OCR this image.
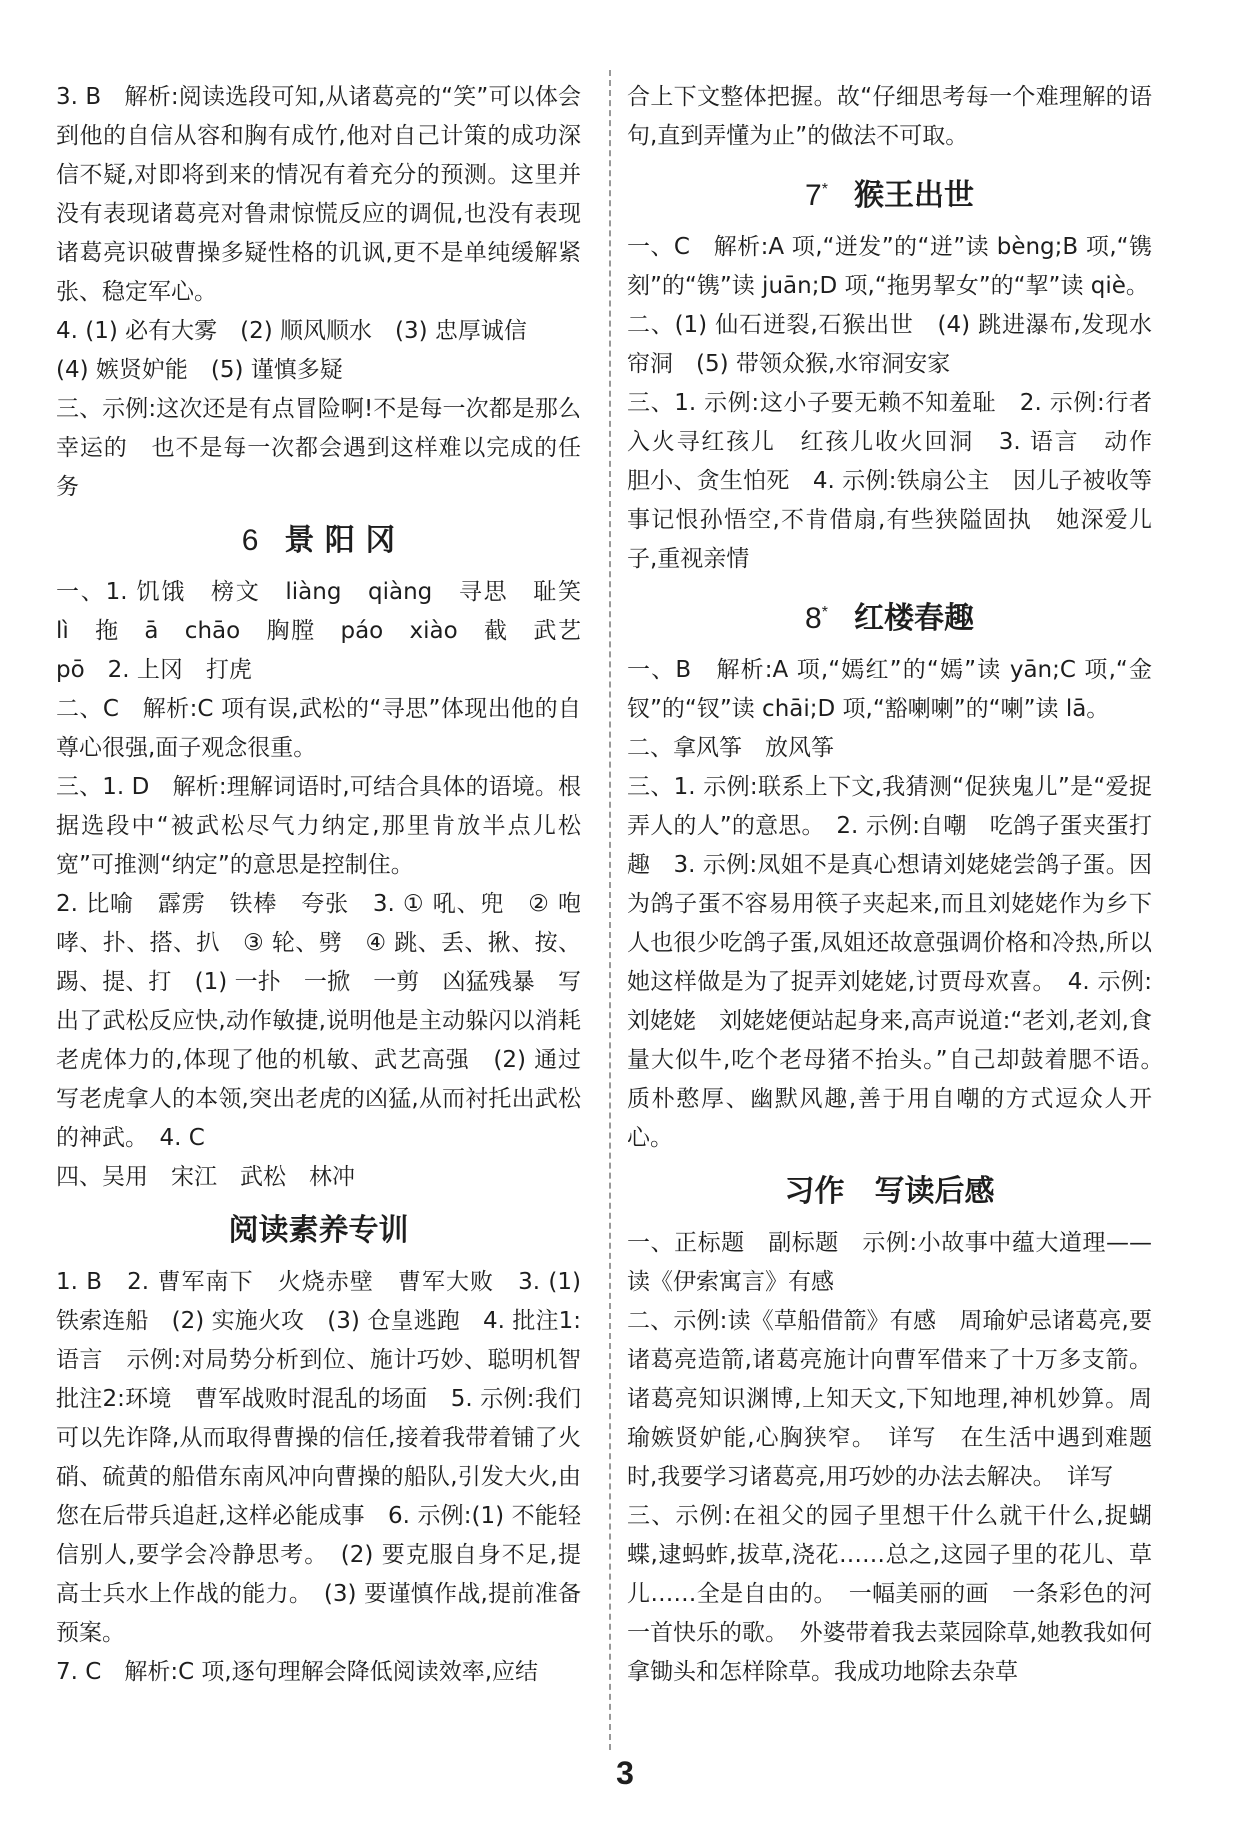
3. B　解析:阅读选段可知,从诸葛亮的“笑”可以体会到他的自信从容和胸有成竹,他对自己计策的成功深信不疑,对即将到来的情况有着充分的预测。这里并没有表现诸葛亮对鲁肃惊慌反应的调侃,也没有表现诸葛亮识破曹操多疑性格的讥讽,更不是单纯缓解紧张、稳定军心。

4. (1) 必有大雾　(2) 顺风顺水　(3) 忠厚诚信

(4) 嫉贤妒能　(5) 谨慎多疑

三、示例:这次还是有点冒险啊!不是每一次都是那么幸运的　也不是每一次都会遇到这样难以完成的任务

6 景 阳 冈

一、1. 饥饿　榜文　liàng　qiàng　寻思　耻笑　lì　拖　ā　chāo　胸膛　páo　xiào　截　武艺　pō　2. 上冈　打虎

二、C　解析:C 项有误,武松的“寻思”体现出他的自尊心很强,面子观念很重。

三、1. D　解析:理解词语时,可结合具体的语境。根据选段中“被武松尽气力纳定,那里肯放半点儿松宽”可推测“纳定”的意思是控制住。

2. 比喻　霹雳　铁棒　夸张　3. ① 吼、兜　② 咆哮、扑、搭、扒　③ 轮、劈　④ 跳、丢、揪、按、踢、提、打　(1) 一扑　一掀　一剪　凶猛残暴　写出了武松反应快,动作敏捷,说明他是主动躲闪以消耗老虎体力的,体现了他的机敏、武艺高强　(2) 通过写老虎拿人的本领,突出老虎的凶猛,从而衬托出武松的神武。　4. C

四、吴用　宋江　武松　林冲

阅读素养专训

1. B　2. 曹军南下　火烧赤壁　曹军大败　3. (1) 铁索连船　(2) 实施火攻　(3) 仓皇逃跑　4. 批注1:语言　示例:对局势分析到位、施计巧妙、聪明机智　批注2:环境　曹军战败时混乱的场面　5. 示例:我们可以先诈降,从而取得曹操的信任,接着我带着铺了火硝、硫黄的船借东南风冲向曹操的船队,引发大火,由您在后带兵追赶,这样必能成事　6. 示例:(1) 不能轻信别人,要学会冷静思考。　(2) 要克服自身不足,提高士兵水上作战的能力。　(3) 要谨慎作战,提前准备预案。

7. C　解析:C 项,逐句理解会降低阅读效率,应结

合上下文整体把握。故“仔细思考每一个难理解的语句,直到弄懂为止”的做法不可取。

7* 猴王出世

一、C　解析:A 项,“迸发”的“迸”读 bèng;B 项,“镌刻”的“镌”读 juān;D 项,“拖男挈女”的“挈”读 qiè。

二、(1) 仙石迸裂,石猴出世　(4) 跳进瀑布,发现水帘洞　(5) 带领众猴,水帘洞安家

三、1. 示例:这小子要无赖不知羞耻　2. 示例:行者入火寻红孩儿　红孩儿收火回洞　3. 语言　动作　胆小、贪生怕死　4. 示例:铁扇公主　因儿子被收等事记恨孙悟空,不肯借扇,有些狭隘固执　她深爱儿子,重视亲情

8* 红楼春趣

一、B　解析:A 项,“嫣红”的“嫣”读 yān;C 项,“金钗”的“钗”读 chāi;D 项,“豁喇喇”的“喇”读 lā。

二、拿风筝　放风筝

三、1. 示例:联系上下文,我猜测“促狭鬼儿”是“爱捉弄人的人”的意思。　2. 示例:自嘲　吃鸽子蛋夹蛋打趣　3. 示例:凤姐不是真心想请刘姥姥尝鸽子蛋。因为鸽子蛋不容易用筷子夹起来,而且刘姥姥作为乡下人也很少吃鸽子蛋,凤姐还故意强调价格和冷热,所以她这样做是为了捉弄刘姥姥,讨贾母欢喜。　4. 示例:刘姥姥　刘姥姥便站起身来,高声说道:“老刘,老刘,食量大似牛,吃个老母猪不抬头。”自己却鼓着腮不语。　质朴憨厚、幽默风趣,善于用自嘲的方式逗众人开心。

习作　写读后感

一、正标题　副标题　示例:小故事中蕴大道理——读《伊索寓言》有感

二、示例:读《草船借箭》有感　周瑜妒忌诸葛亮,要诸葛亮造箭,诸葛亮施计向曹军借来了十万多支箭。诸葛亮知识渊博,上知天文,下知地理,神机妙算。周瑜嫉贤妒能,心胸狭窄。　详写　在生活中遇到难题时,我要学习诸葛亮,用巧妙的办法去解决。　详写

三、示例:在祖父的园子里想干什么就干什么,捉蝴蝶,逮蚂蚱,拔草,浇花……总之,这园子里的花儿、草儿……全是自由的。　一幅美丽的画　一条彩色的河　一首快乐的歌。　外婆带着我去菜园除草,她教我如何拿锄头和怎样除草。我成功地除去杂草

3
